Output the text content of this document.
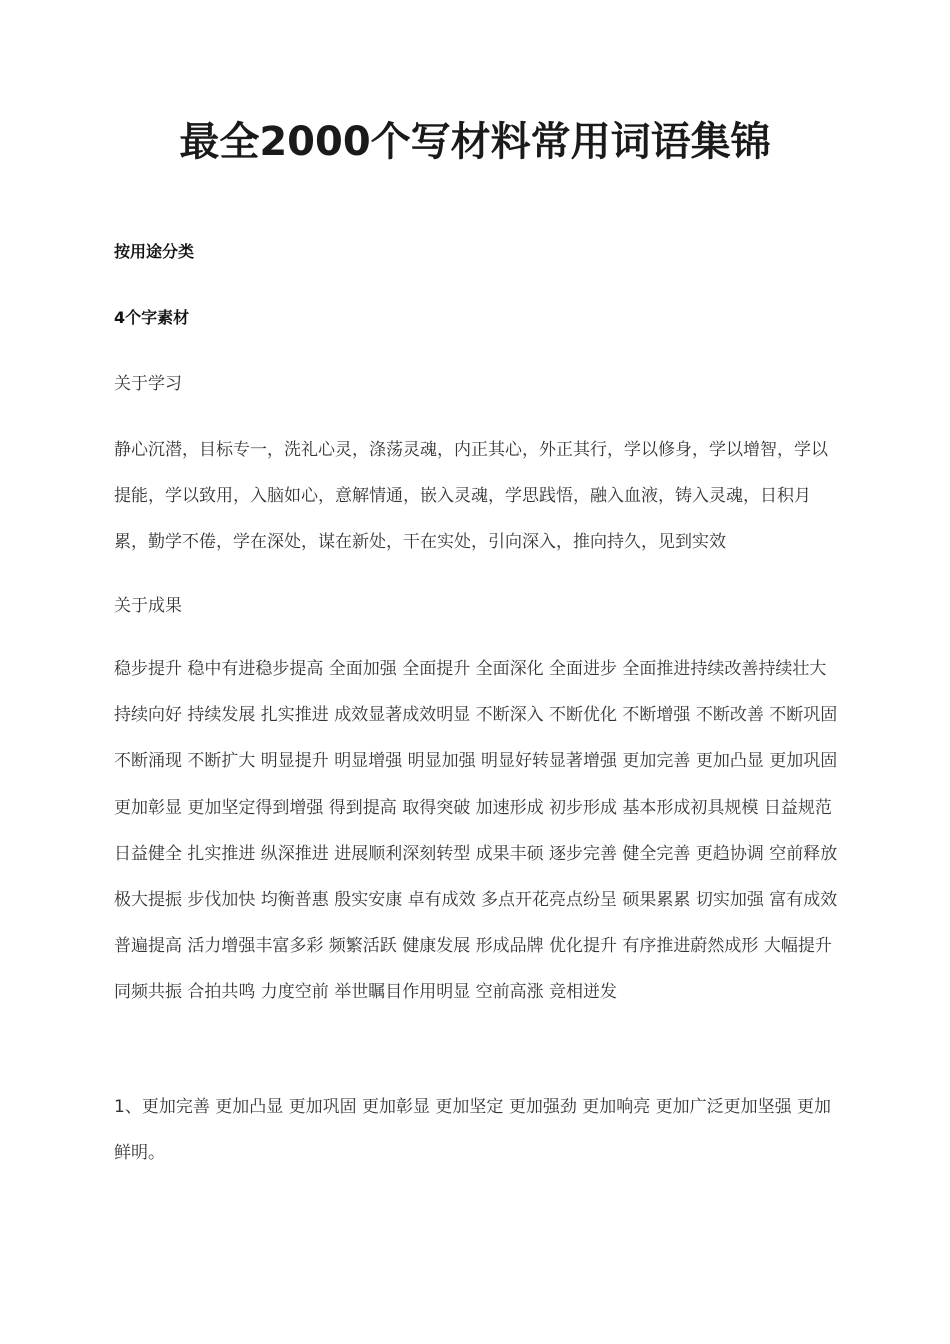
最全2000个写材料常用词语集锦
按用途分类
4个字素材

关于学习

静心沉潜，目标专一，洗礼心灵，涤荡灵魂，内正其心，外正其行，学以修身，学以增智，学以提能，学以致用，入脑如心，意解情通，嵌入灵魂，学思践悟，融入血液，铸入灵魂，日积月累，勤学不倦，学在深处，谋在新处，干在实处，引向深入，推向持久，见到实效

关于成果

稳步提升 稳中有进稳步提高 全面加强 全面提升 全面深化 全面进步 全面推进持续改善持续壮大 持续向好 持续发展 扎实推进 成效显著成效明显 不断深入 不断优化 不断增强 不断改善 不断巩固不断涌现 不断扩大 明显提升 明显增强 明显加强 明显好转显著增强 更加完善 更加凸显 更加巩固 更加彰显 更加坚定得到增强 得到提高 取得突破 加速形成 初步形成 基本形成初具规模 日益规范 日益健全 扎实推进 纵深推进 进展顺利深刻转型 成果丰硕 逐步完善 健全完善 更趋协调 空前释放极大提振 步伐加快 均衡普惠 殷实安康 卓有成效 多点开花亮点纷呈 硕果累累 切实加强 富有成效 普遍提高 活力增强丰富多彩 频繁活跃 健康发展 形成品牌 优化提升 有序推进蔚然成形 大幅提升 同频共振 合拍共鸣 力度空前 举世瞩目作用明显 空前高涨 竞相迸发

1、更加完善 更加凸显 更加巩固 更加彰显 更加坚定 更加强劲 更加响亮 更加广泛更加坚强 更加鲜明。
